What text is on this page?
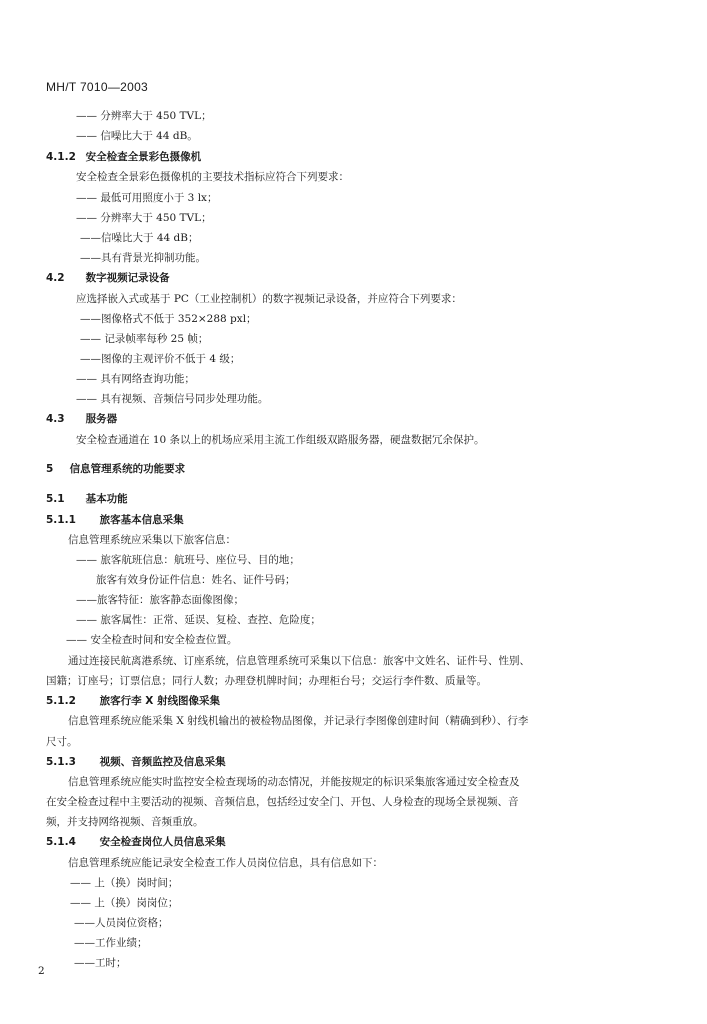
MH/T 7010—2003
—— 分辨率大于 450 TVL；
—— 信噪比大于 44 dB。
4.1.2 安全检查全景彩色摄像机
安全检查全景彩色摄像机的主要技术指标应符合下列要求：
—— 最低可用照度小于 3 lx；
—— 分辨率大于 450 TVL；
——信噪比大于 44 dB；
——具有背景光抑制功能。
4.2 数字视频记录设备
应选择嵌入式或基于 PC（工业控制机）的数字视频记录设备，并应符合下列要求：
——图像格式不低于 352×288 pxl；
—— 记录帧率每秒 25 帧；
——图像的主观评价不低于 4 级；
—— 具有网络查询功能；
—— 具有视频、音频信号同步处理功能。
4.3 服务器
安全检查通道在 10 条以上的机场应采用主流工作组级双路服务器，硬盘数据冗余保护。
5 信息管理系统的功能要求
5.1 基本功能
5.1.1 旅客基本信息采集
信息管理系统应采集以下旅客信息：
—— 旅客航班信息：航班号、座位号、目的地；
旅客有效身份证件信息：姓名、证件号码；
——旅客特征：旅客静态面像图像；
—— 旅客属性：正常、延误、复检、查控、危险度；
—— 安全检查时间和安全检查位置。
通过连接民航离港系统、订座系统，信息管理系统可采集以下信息：旅客中文姓名、证件号、性别、
国籍；订座号；订票信息；同行人数；办理登机牌时间；办理柜台号；交运行李件数、质量等。
5.1.2 旅客行李 X 射线图像采集
信息管理系统应能采集 X 射线机输出的被检物品图像，并记录行李图像创建时间（精确到秒）、行李
尺寸。
5.1.3 视频、音频监控及信息采集
信息管理系统应能实时监控安全检查现场的动态情况，并能按规定的标识采集旅客通过安全检查及
在安全检查过程中主要活动的视频、音频信息，包括经过安全门、开包、人身检查的现场全景视频、音
频，并支持网络视频、音频重放。
5.1.4 安全检查岗位人员信息采集
信息管理系统应能记录安全检查工作人员岗位信息，具有信息如下：
—— 上（换）岗时间；
—— 上（换）岗岗位；
——人员岗位资格；
——工作业绩；
——工时；
2
